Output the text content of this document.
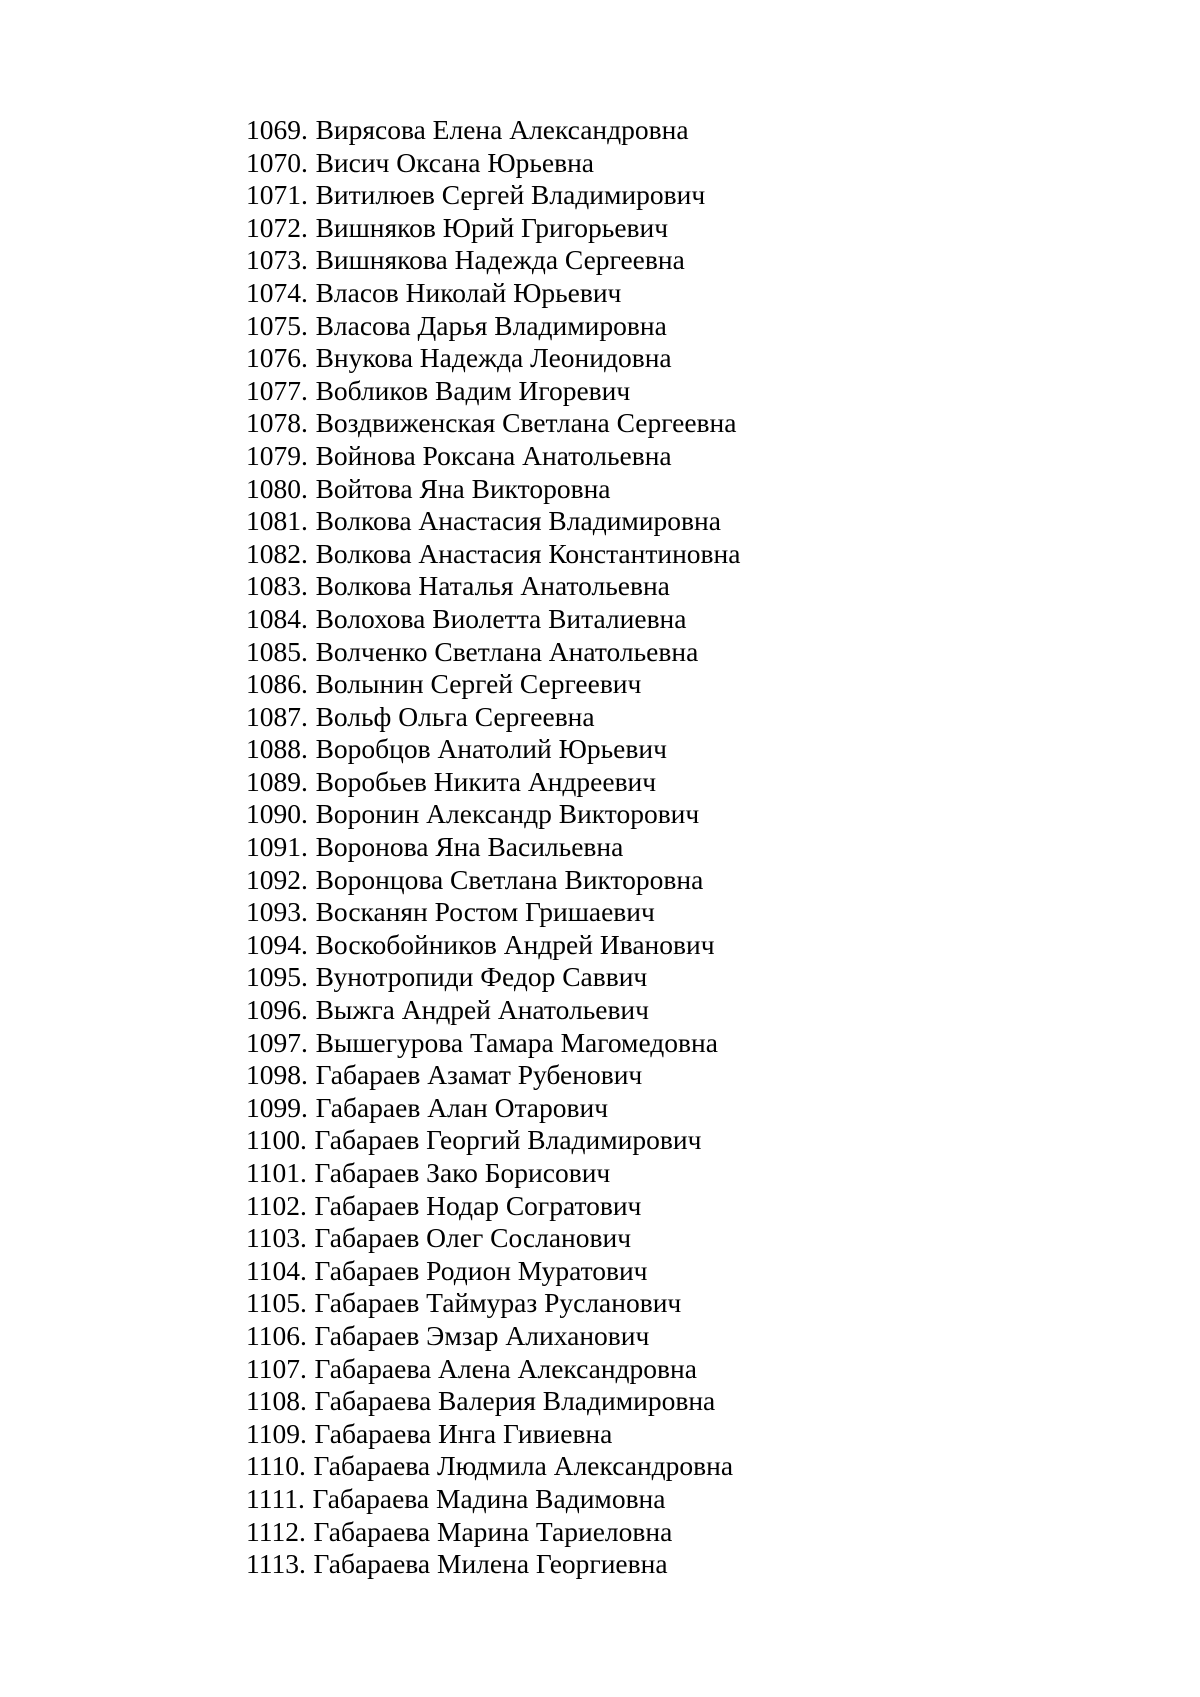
1069. Вирясова Елена Александровна
1070. Висич Оксана Юрьевна
1071. Витилюев Сергей Владимирович
1072. Вишняков Юрий Григорьевич
1073. Вишнякова Надежда Сергеевна
1074. Власов Николай Юрьевич
1075. Власова Дарья Владимировна
1076. Внукова Надежда Леонидовна
1077. Вобликов Вадим Игоревич
1078. Воздвиженская Светлана Сергеевна
1079. Войнова Роксана Анатольевна
1080. Войтова Яна Викторовна
1081. Волкова Анастасия Владимировна
1082. Волкова Анастасия Константиновна
1083. Волкова Наталья Анатольевна
1084. Волохова Виолетта Виталиевна
1085. Волченко Светлана Анатольевна
1086. Волынин Сергей Сергеевич
1087. Вольф Ольга Сергеевна
1088. Воробцов Анатолий Юрьевич
1089. Воробьев Никита Андреевич
1090. Воронин Александр Викторович
1091. Воронова Яна Васильевна
1092. Воронцова Светлана Викторовна
1093. Восканян Ростом Гришаевич
1094. Воскобойников Андрей Иванович
1095. Вунотропиди Федор Саввич
1096. Выжга Андрей Анатольевич
1097. Вышегурова Тамара Магомедовна
1098. Габараев Азамат Рубенович
1099. Габараев Алан Отарович
1100. Габараев Георгий Владимирович
1101. Габараев Зако Борисович
1102. Габараев Нодар Согратович
1103. Габараев Олег Сосланович
1104. Габараев Родион Муратович
1105. Габараев Таймураз Русланович
1106. Габараев Эмзар Алиханович
1107. Габараева Алена Александровна
1108. Габараева Валерия Владимировна
1109. Габараева Инга Гивиевна
1110. Габараева Людмила Александровна
1111. Габараева Мадина Вадимовна
1112. Габараева Марина Тариеловна
1113. Габараева Милена Георгиевна
